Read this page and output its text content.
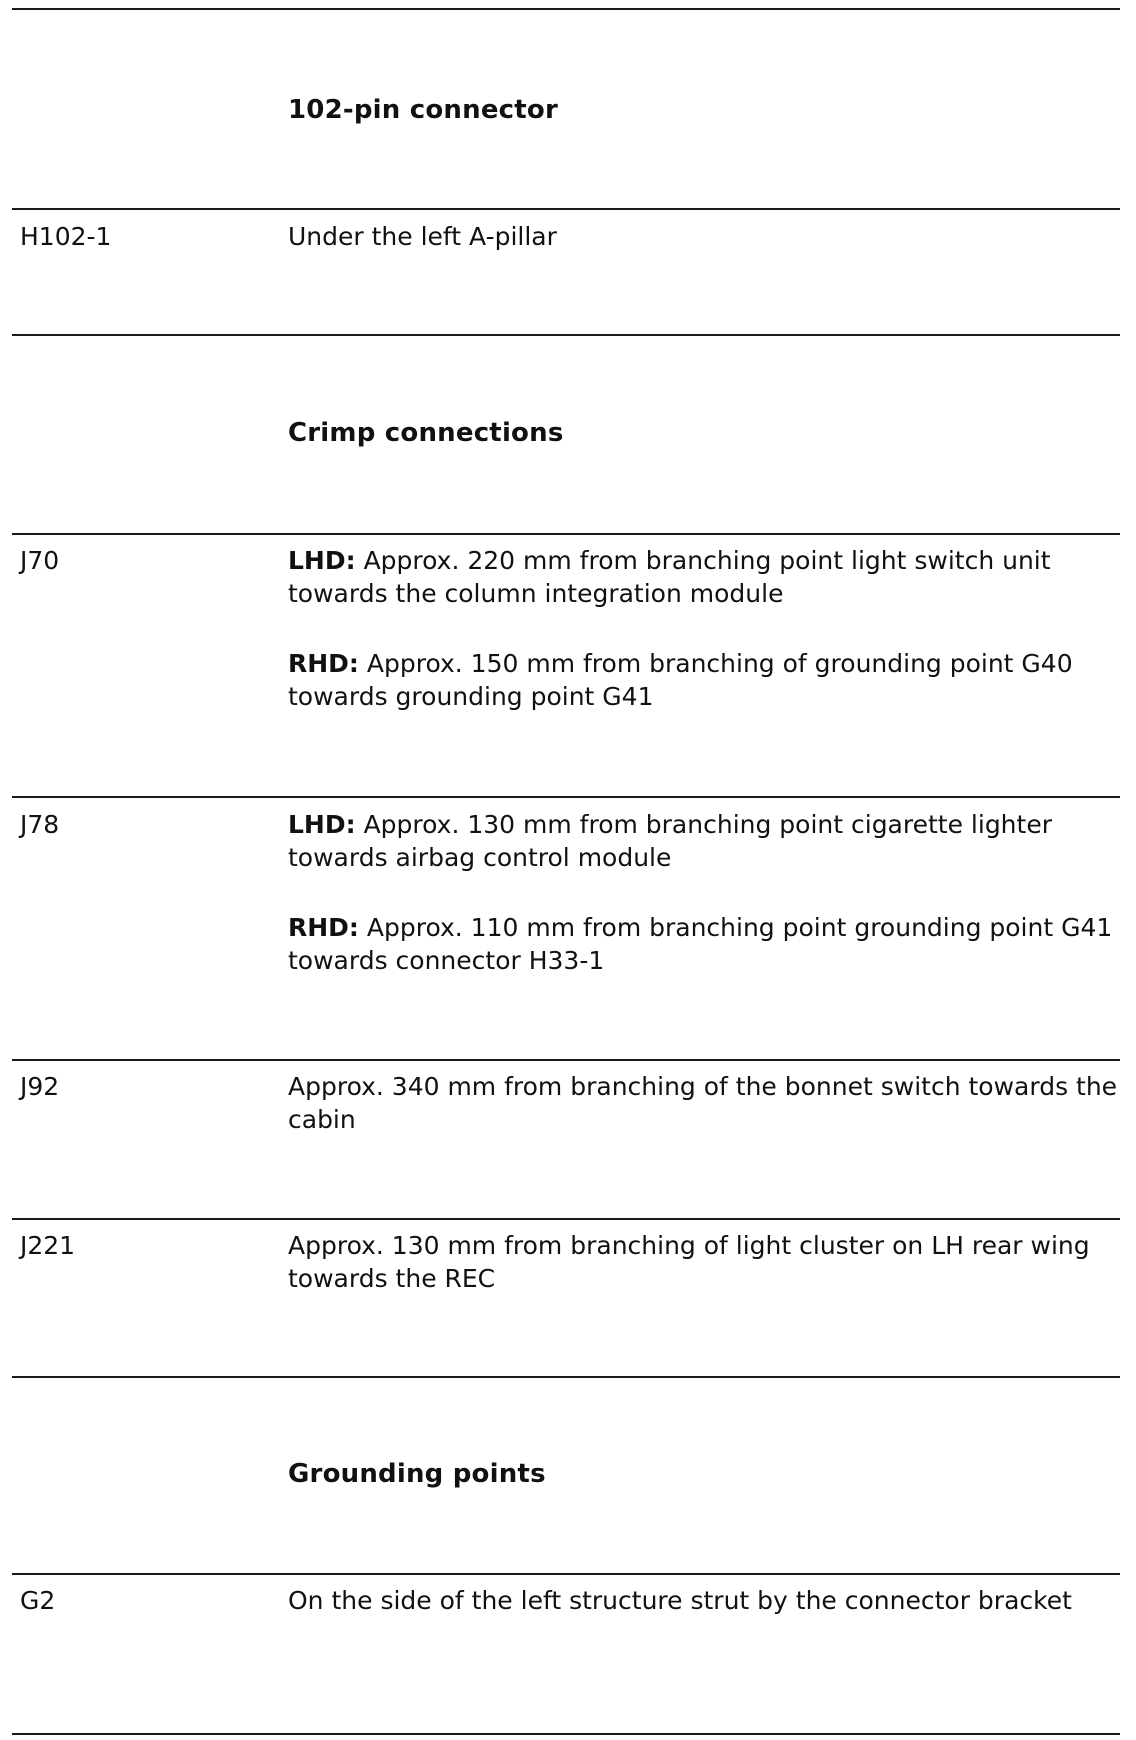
102-pin connector
H102-1	Under the left A-pillar

Crimp connections
J70	LHD: Approx. 220 mm from branching point light switch unit towards the column integration module

RHD: Approx. 150 mm from branching of grounding point G40 towards grounding point G41

J78	LHD: Approx. 130 mm from branching point cigarette lighter towards airbag control module

RHD: Approx. 110 mm from branching point grounding point G41 towards connector H33-1

J92	Approx. 340 mm from branching of the bonnet switch towards the cabin

J221	Approx. 130 mm from branching of light cluster on LH rear wing towards the REC

Grounding points
G2	On the side of the left structure strut by the connector bracket
